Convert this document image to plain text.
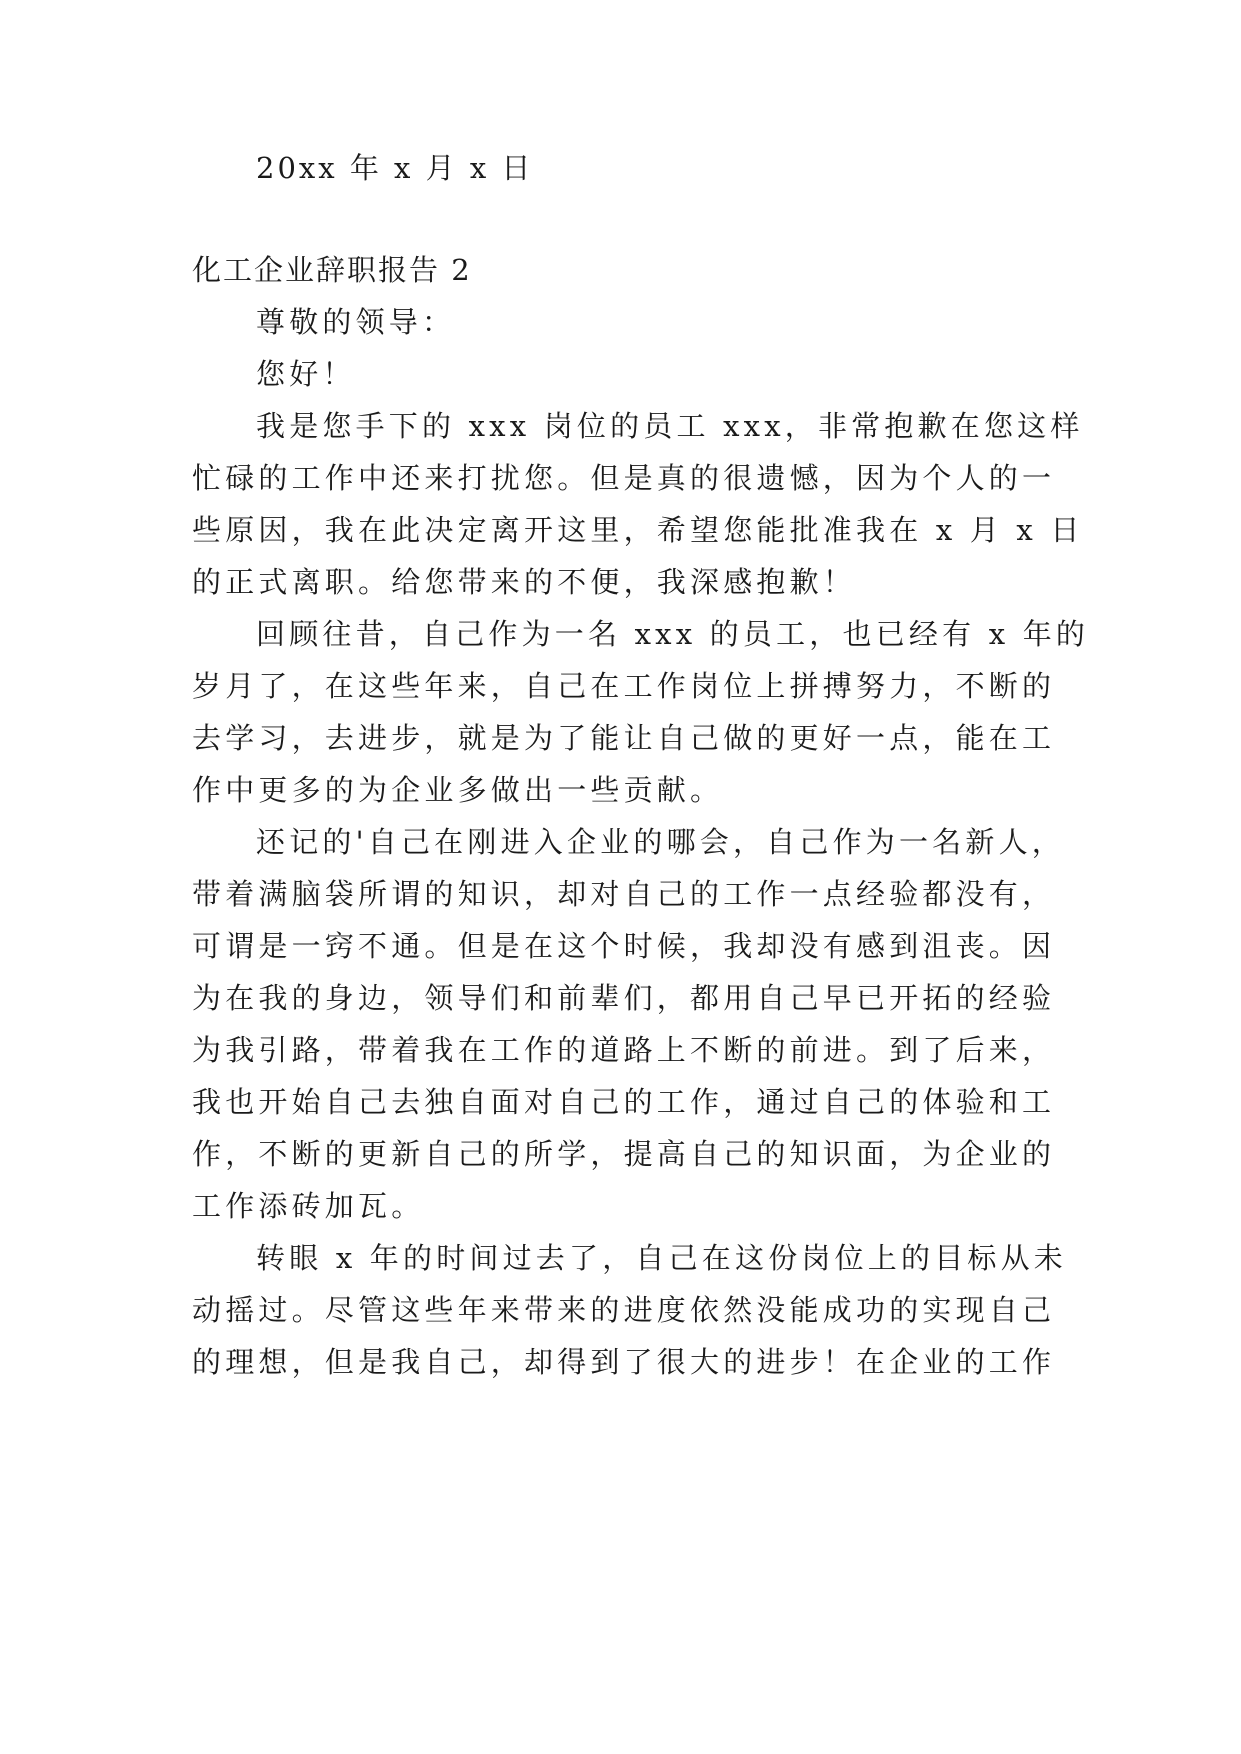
20xx 年 x 月 x 日

化工企业辞职报告 2

尊敬的领导：

您好！

我是您手下的 xxx 岗位的员工 xxx，非常抱歉在您这样

忙碌的工作中还来打扰您。但是真的很遗憾，因为个人的一

些原因，我在此决定离开这里，希望您能批准我在 x 月 x 日

的正式离职。给您带来的不便，我深感抱歉！

回顾往昔，自己作为一名 xxx 的员工，也已经有 x 年的

岁月了，在这些年来，自己在工作岗位上拼搏努力，不断的

去学习，去进步，就是为了能让自己做的更好一点，能在工

作中更多的为企业多做出一些贡献。

还记的'自己在刚进入企业的哪会，自己作为一名新人，

带着满脑袋所谓的知识，却对自己的工作一点经验都没有，

可谓是一窍不通。但是在这个时候，我却没有感到沮丧。因

为在我的身边，领导们和前辈们，都用自己早已开拓的经验

为我引路，带着我在工作的道路上不断的前进。到了后来，

我也开始自己去独自面对自己的工作，通过自己的体验和工

作，不断的更新自己的所学，提高自己的知识面，为企业的

工作添砖加瓦。

转眼 x 年的时间过去了，自己在这份岗位上的目标从未

动摇过。尽管这些年来带来的进度依然没能成功的实现自己

的理想，但是我自己，却得到了很大的进步！在企业的工作
